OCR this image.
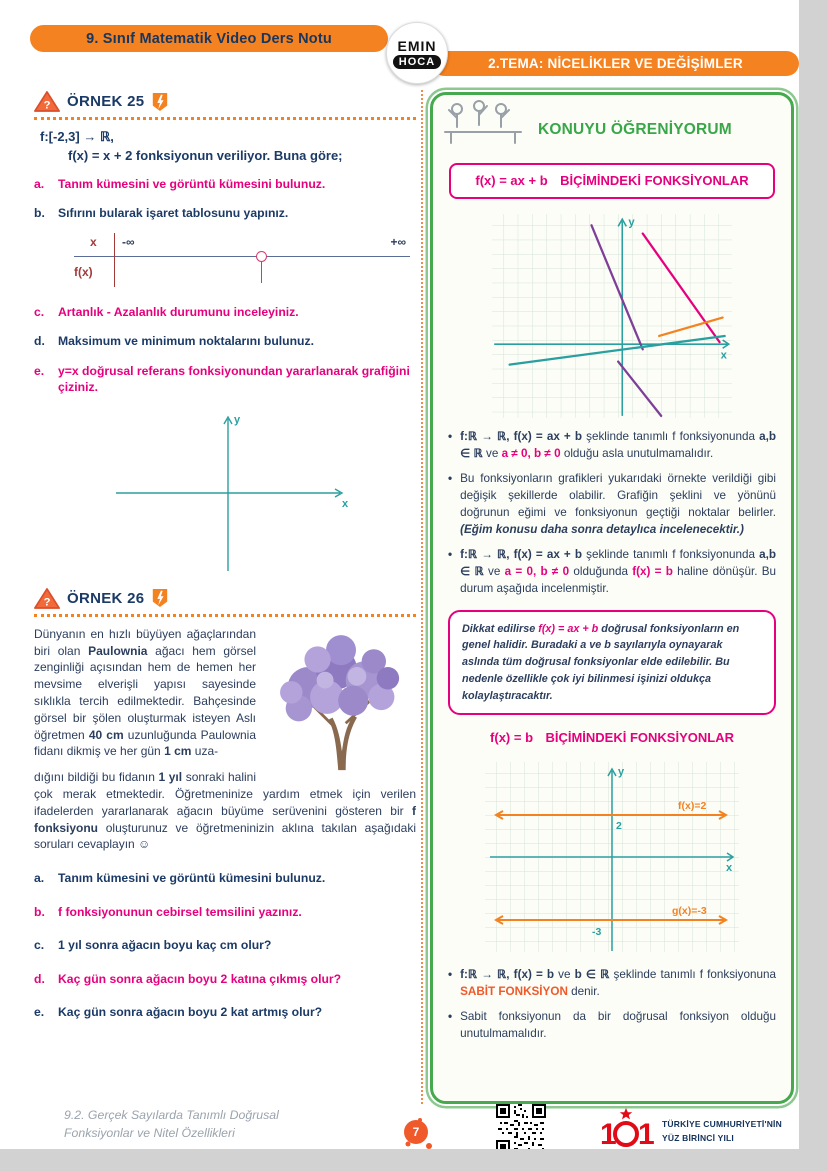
9. Sınıf Matematik Video Ders Notu	EMIN
HOCA	2.TEMA: NİCELİKLER VE DEĞİŞİMLER
? ÖRNEK 25
f:[-2,3] → ℝ,
f(x) = x + 2 fonksiyonun veriliyor. Buna göre;
a. Tanım kümesini ve görüntü kümesini bulunuz.
b. Sıfırını bularak işaret tablosunu yapınız.
x -∞	+∞
f(x)
c. Artanlık - Azalanlık durumunu inceleyiniz.
d. Maksimum ve minimum noktalarını bulunuz.
e. y=x doğrusal referans fonksiyonundan yararlanarak grafiğini çiziniz.
y
x
? ÖRNEK 26
Dünyanın en hızlı büyüyen ağaçlarından biri olan Paulownia ağacı hem görsel zenginliği açısından hem de hemen her mevsime elverişli yapısı sayesinde sıklıkla tercih edilmektedir. Bahçesinde görsel bir şölen oluşturmak isteyen Aslı öğretmen 40 cm uzunluğunda Paulownia fidanı dikmiş ve her gün 1 cm uza-
dığını bildiği bu fidanın 1 yıl sonraki halini çok merak etmektedir. Öğretmeninize yardım etmek için verilen ifadelerden yararlanarak ağacın büyüme serüvenini gösteren bir f fonksiyonu oluşturunuz ve öğretmeninizin aklına takılan aşağıdaki soruları cevaplayın ☺
a. Tanım kümesini ve görüntü kümesini bulunuz.
b. f fonksiyonunun cebirsel temsilini yazınız.
c. 1 yıl sonra ağacın boyu kaç cm olur?
d. Kaç gün sonra ağacın boyu 2 katına çıkmış olur?
e. Kaç gün sonra ağacın boyu 2 kat artmış olur?
KONUYU ÖĞRENİYORUM
f(x) = ax + b BİÇİMİNDEKİ FONKSİYONLAR
y
x
• f:ℝ → ℝ, f(x) = ax + b şeklinde tanımlı f fonksiyonunda a,b ∈ ℝ ve a ≠ 0, b ≠ 0 olduğu asla unutulmamalıdır.
• Bu fonksiyonların grafikleri yukarıdaki örnekte verildiği gibi değişik şekillerde olabilir. Grafiğin şeklini ve yönünü doğrunun eğimi ve fonksiyonun geçtiği noktalar belirler. (Eğim konusu daha sonra detaylıca incelenecektir.)
• f:ℝ → ℝ, f(x) = ax + b şeklinde tanımlı f fonksiyonunda a,b ∈ ℝ ve a = 0, b ≠ 0 olduğunda f(x) = b haline dönüşür. Bu durum aşağıda incelenmiştir.
Dikkat edilirse f(x) = ax + b doğrusal fonksiyonların en genel halidir. Buradaki a ve b sayılarıyla oynayarak aslında tüm doğrusal fonksiyonlar elde edilebilir. Bu nedenle özellikle çok iyi bilinmesi işinizi oldukça kolaylaştıracaktır.
f(x) = b BİÇİMİNDEKİ FONKSİYONLAR
y
x
f(x)=2
2
g(x)=-3
-3
• f:ℝ → ℝ, f(x) = b ve b ∈ ℝ şeklinde tanımlı f fonksiyonuna SABİT FONKSİYON denir.
• Sabit fonksiyonun da bir doğrusal fonksiyon olduğu unutulmamalıdır.
9.2. Gerçek Sayılarda Tanımlı Doğrusal
Fonksiyonlar ve Nitel Özellikleri	7	1 1 TÜRKİYE CUMHURİYETİ'NİN
YÜZ BİRİNCİ YILI
